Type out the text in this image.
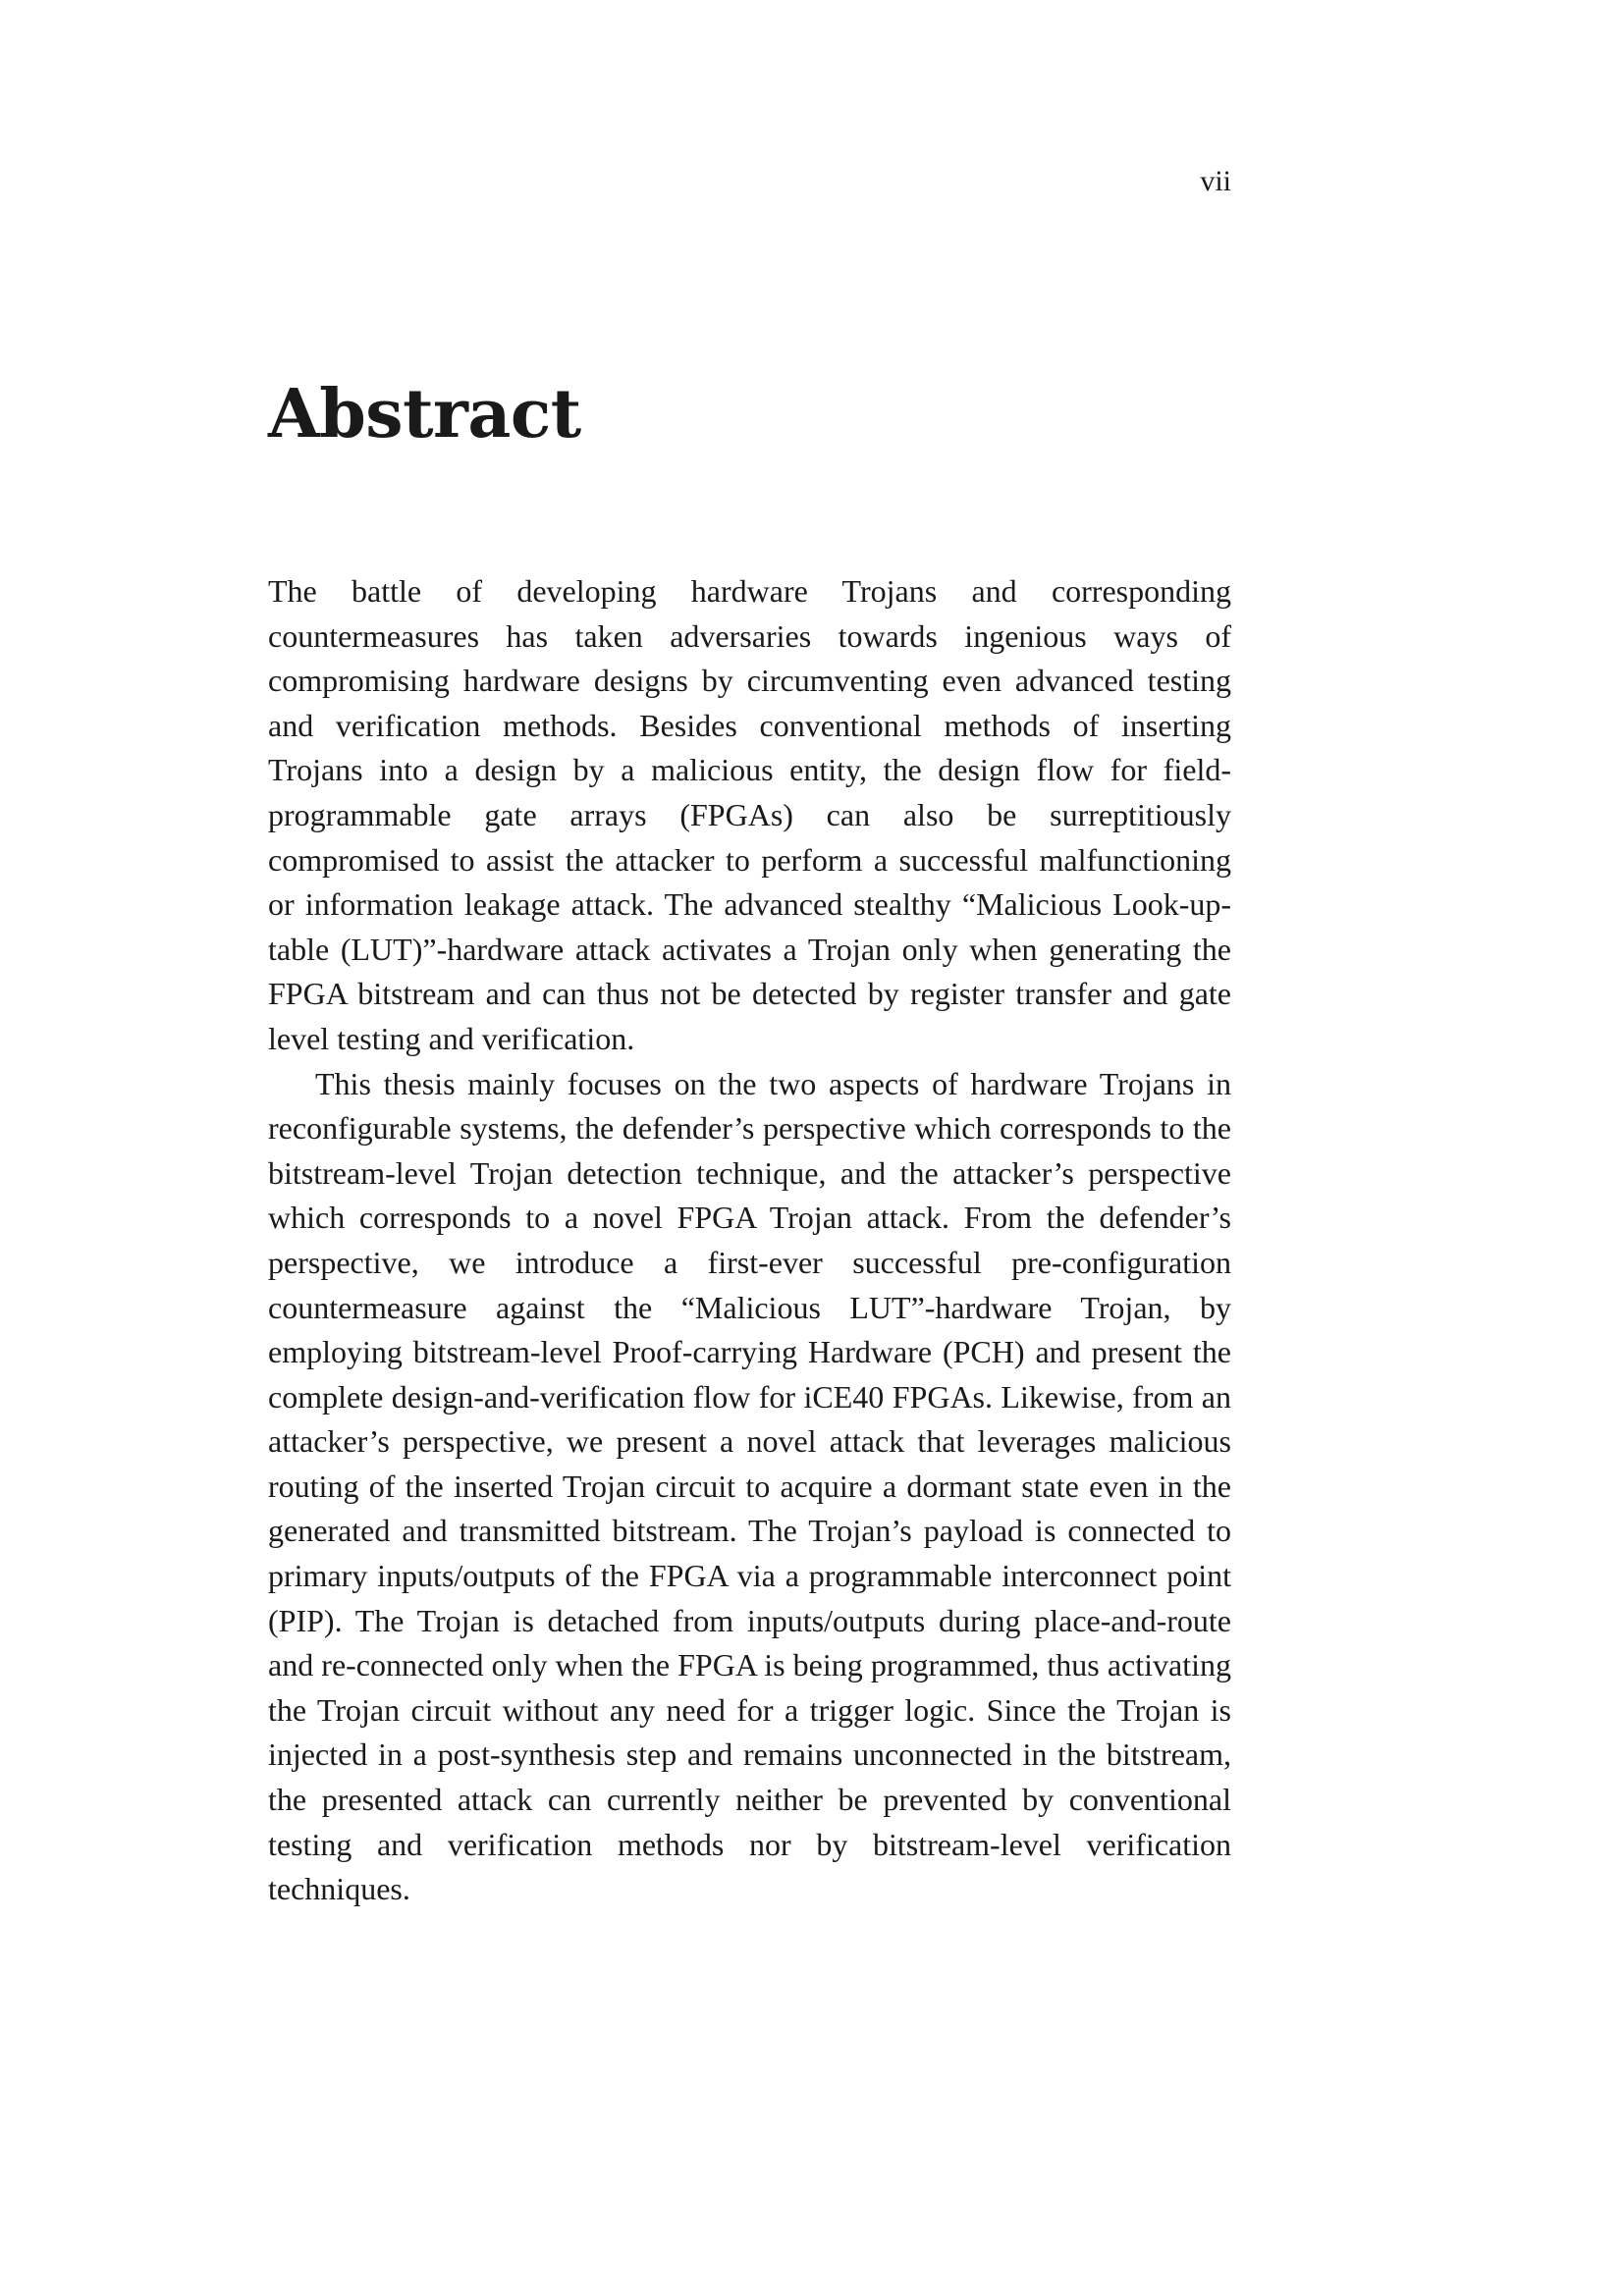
vii
Abstract

The battle of developing hardware Trojans and corresponding countermeasures has taken adversaries towards ingenious ways of compromising hardware designs by circumventing even advanced testing and verification methods. Besides conventional methods of inserting Trojans into a design by a malicious entity, the design flow for field-programmable gate arrays (FPGAs) can also be surreptitiously compromised to assist the attacker to perform a successful malfunctioning or information leakage attack. The advanced stealthy “Malicious Look-up-table (LUT)”-hardware attack activates a Trojan only when generating the FPGA bitstream and can thus not be detected by register transfer and gate level testing and verification.

This thesis mainly focuses on the two aspects of hardware Trojans in reconfigurable systems, the defender’s perspective which corresponds to the bitstream-level Trojan detection technique, and the attacker’s perspective which corresponds to a novel FPGA Trojan attack. From the defender’s perspective, we introduce a first-ever successful pre-configuration countermeasure against the “Malicious LUT”-hardware Trojan, by employing bitstream-level Proof-carrying Hardware (PCH) and present the complete design-and-verification flow for iCE40 FPGAs. Likewise, from an attacker’s perspective, we present a novel attack that leverages malicious routing of the inserted Trojan circuit to acquire a dormant state even in the generated and transmitted bitstream. The Trojan’s payload is connected to primary inputs/outputs of the FPGA via a programmable interconnect point (PIP). The Trojan is detached from inputs/outputs during place-and-route and re-connected only when the FPGA is being programmed, thus activating the Trojan circuit without any need for a trigger logic. Since the Trojan is injected in a post-synthesis step and remains unconnected in the bitstream, the presented attack can currently neither be prevented by conventional testing and verification methods nor by bitstream-level verification techniques.
